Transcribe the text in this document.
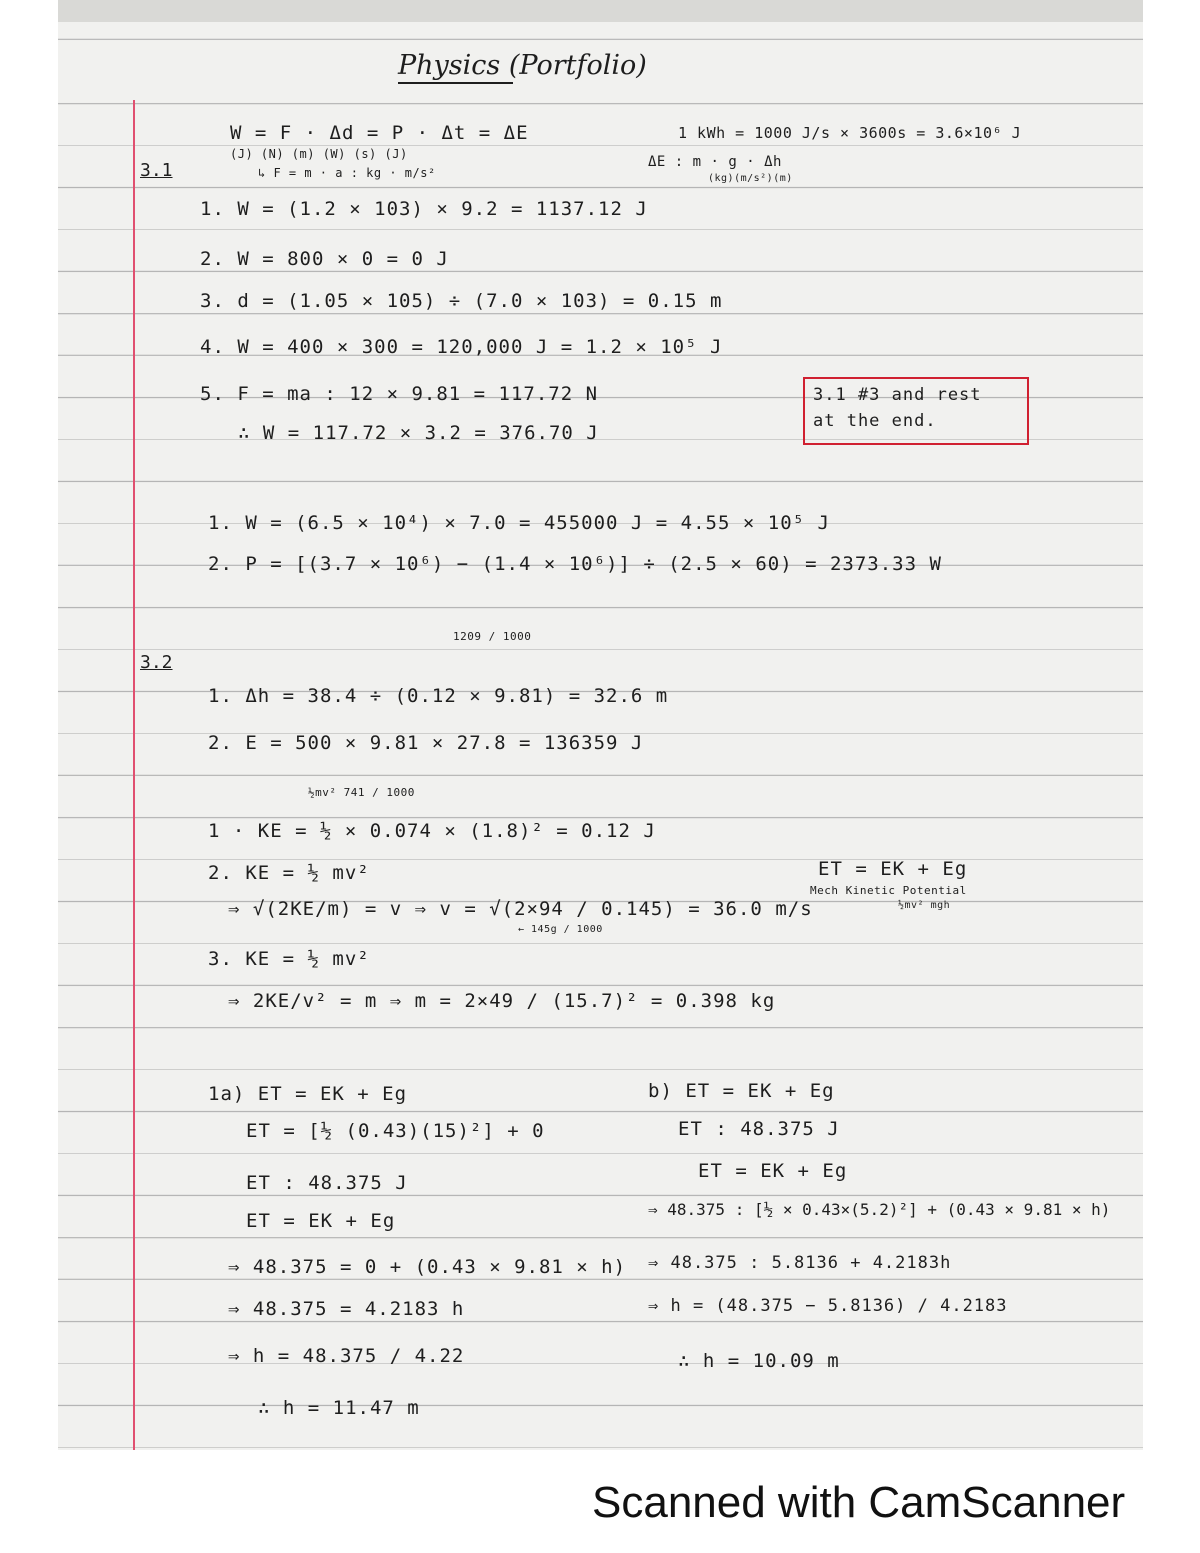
Physics (Portfolio)
3.1
3.2
W = F · Δd = P · Δt = ΔE
(J) (N) (m) (W) (s) (J)
↳ F = m · a : kg · m/s²
1 kWh = 1000 J/s × 3600s = 3.6×10⁶ J
ΔE : m · g · Δh
(kg)(m/s²)(m)
1. W = (1.2 × 103) × 9.2 = 1137.12 J
2. W = 800 × 0 = 0 J
3. d = (1.05 × 105) ÷ (7.0 × 103) = 0.15 m
4. W = 400 × 300 = 120,000 J = 1.2 × 10⁵ J
5. F = ma : 12 × 9.81 = 117.72 N
∴ W = 117.72 × 3.2 = 376.70 J
3.1 #3 and rest
at the end.
1. W = (6.5 × 10⁴) × 7.0 = 455000 J = 4.55 × 10⁵ J
2. P = [(3.7 × 10⁶) − (1.4 × 10⁶)] ÷ (2.5 × 60) = 2373.33 W
1209 / 1000
1. Δh = 38.4 ÷ (0.12 × 9.81) = 32.6 m
2. E = 500 × 9.81 × 27.8 = 136359 J
½mv² 741 / 1000
1 · KE = ½ × 0.074 × (1.8)² = 0.12 J
2. KE = ½ mv²	ET = EK + Eg
Mech Kinetic Potential
½mv² mgh
⇒ √(2KE/m) = v ⇒ v = √(2×94 / 0.145) = 36.0 m/s
← 145g / 1000
3. KE = ½ mv²
⇒ 2KE/v² = m ⇒ m = 2×49 / (15.7)² = 0.398 kg
1a) ET = EK + Eg	b) ET = EK + Eg
ET = [½ (0.43)(15)²] + 0	ET : 48.375 J
ET : 48.375 J
ET = EK + Eg
ET = EK + Eg
⇒ 48.375 : [½ × 0.43×(5.2)²] + (0.43 × 9.81 × h)
⇒ 48.375 = 0 + (0.43 × 9.81 × h) ⇒ 48.375 : 5.8136 + 4.2183h
⇒ 48.375 = 4.2183 h	⇒ h = (48.375 − 5.8136) / 4.2183
⇒ h = 48.375 / 4.22	∴ h = 10.09 m
∴ h = 11.47 m
Scanned with CamScanner
